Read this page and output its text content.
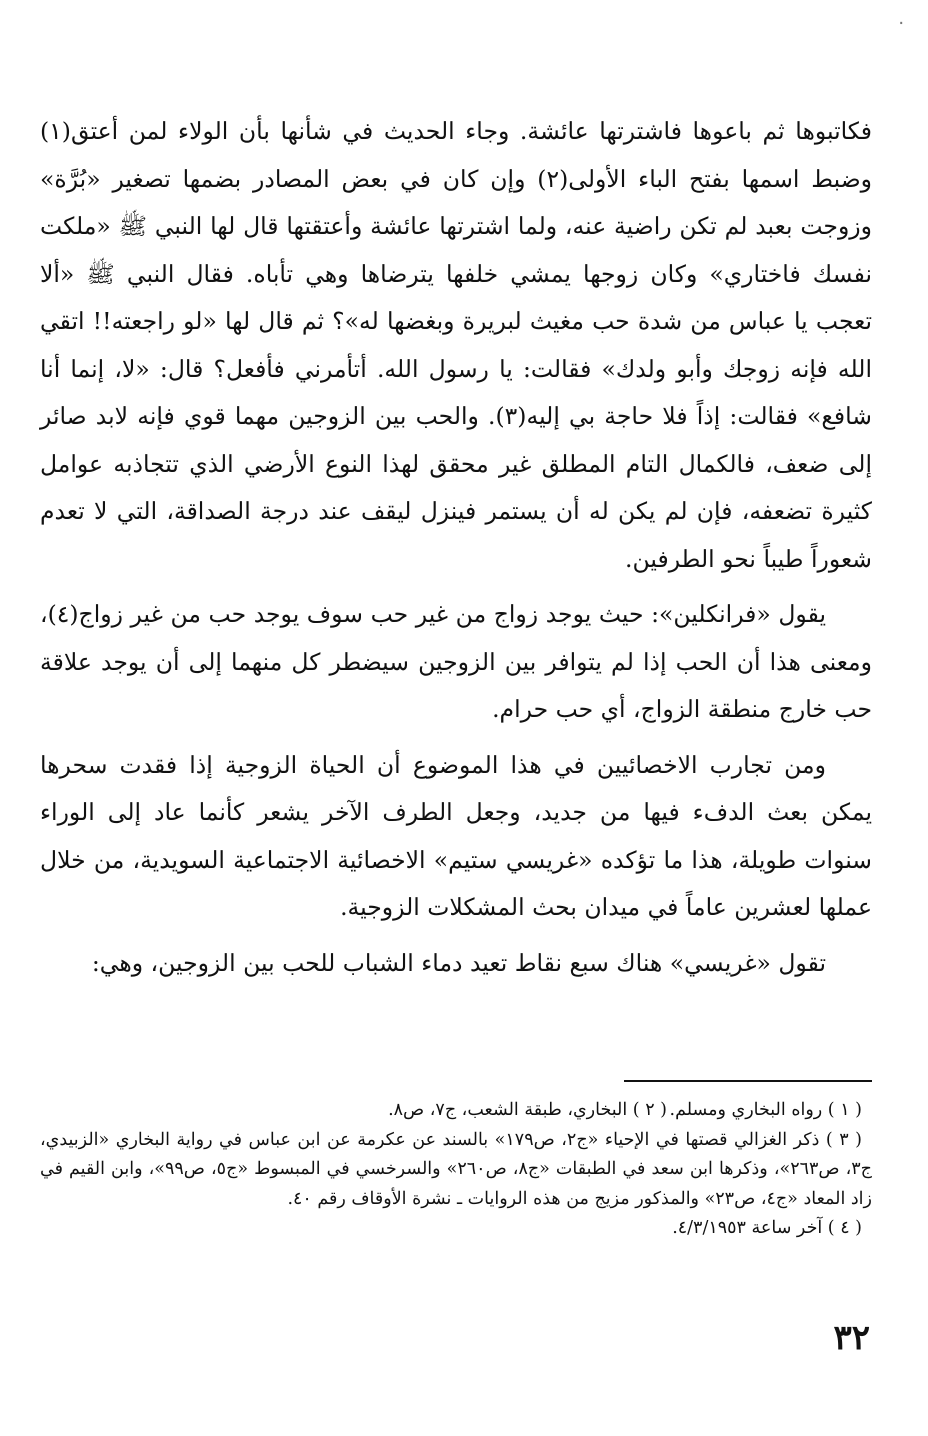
٠

فكاتبوها ثم باعوها فاشترتها عائشة. وجاء الحديث في شأنها بأن الولاء لمن أعتق(١) وضبط اسمها بفتح الباء الأولى(٢) وإن كان في بعض المصادر بضمها تصغير «بُرَّة» وزوجت بعبد لم تكن راضية عنه، ولما اشترتها عائشة وأعتقتها قال لها النبي ﷺ «ملكت نفسك فاختاري» وكان زوجها يمشي خلفها يترضاها وهي تأباه. فقال النبي ﷺ «ألا تعجب يا عباس من شدة حب مغيث لبريرة وبغضها له»؟ ثم قال لها «لو راجعته!! اتقي الله فإنه زوجك وأبو ولدك» فقالت: يا رسول الله. أتأمرني فأفعل؟ قال: «لا، إنما أنا شافع» فقالت: إذاً فلا حاجة بي إليه(٣). والحب بين الزوجين مهما قوي فإنه لابد صائر إلى ضعف، فالكمال التام المطلق غير محقق لهذا النوع الأرضي الذي تتجاذبه عوامل كثيرة تضعفه، فإن لم يكن له أن يستمر فينزل ليقف عند درجة الصداقة، التي لا تعدم شعوراً طيباً نحو الطرفين.

يقول «فرانكلين»: حيث يوجد زواج من غير حب سوف يوجد حب من غير زواج(٤)، ومعنى هذا أن الحب إذا لم يتوافر بين الزوجين سيضطر كل منهما إلى أن يوجد علاقة حب خارج منطقة الزواج، أي حب حرام.

ومن تجارب الاخصائيين في هذا الموضوع أن الحياة الزوجية إذا فقدت سحرها يمكن بعث الدفء فيها من جديد، وجعل الطرف الآخر يشعر كأنما عاد إلى الوراء سنوات طويلة، هذا ما تؤكده «غريسي ستيم» الاخصائية الاجتماعية السويدية، من خلال عملها لعشرين عاماً في ميدان بحث المشكلات الزوجية.

تقول «غريسي» هناك سبع نقاط تعيد دماء الشباب للحب بين الزوجين، وهي:

( ١ ) رواه البخاري ومسلم.
( ٢ ) البخاري، طبقة الشعب، ج٧، ص٨.

( ٣ ) ذكر الغزالي قصتها في الإحياء «ج٢، ص١٧٩» بالسند عن عكرمة عن ابن عباس في رواية البخاري «الزبيدي، ج٣، ص٢٦٣»، وذكرها ابن سعد في الطبقات «ج٨، ص٢٦٠» والسرخسي في المبسوط «ج٥، ص٩٩»، وابن القيم في زاد المعاد «ج٤، ص٢٣» والمذكور مزيج من هذه الروايات ـ نشرة الأوقاف رقم ٤٠.

( ٤ ) آخر ساعة ٤/٣/١٩٥٣.

٣٢
